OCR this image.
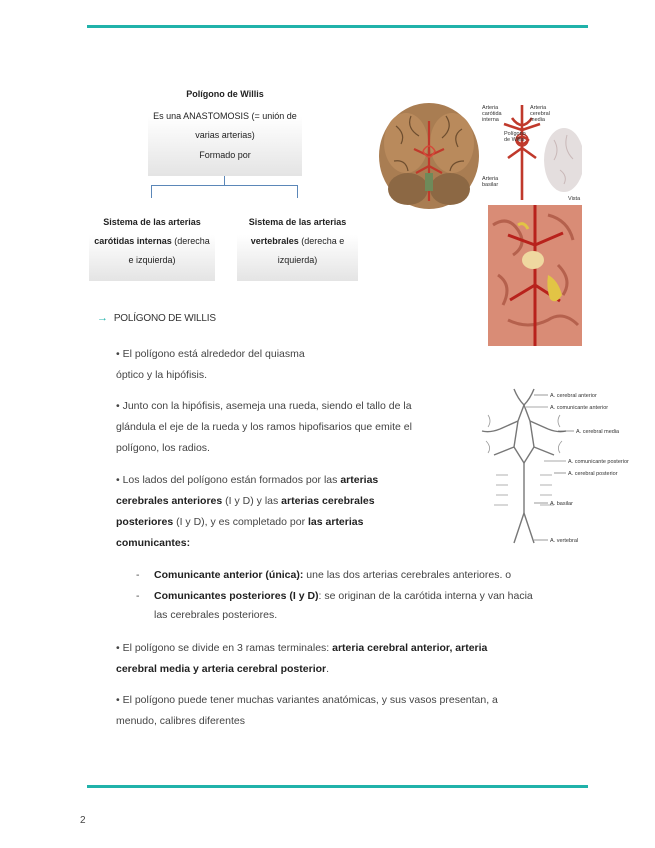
Polígono de Willis
Es una ANASTOMOSIS (= unión de
varias arterias)
Formado por
Sistema de las arterias
carótidas internas (derecha
e izquierda)
Sistema de las arterias
vertebrales (derecha e
izquierda)
Arteria
carótida
interna
Arteria
cerebral
media
Polígono
de Willis
Arteria
basilar
Vista
→ POLÍGONO DE WILLIS
• El polígono está alrededor del quiasma
óptico y la hipófisis.
• Junto con la hipófisis, asemeja una rueda, siendo el tallo de la
glándula el eje de la rueda y los ramos hipofisarios que emite el
polígono, los radios.
• Los lados del polígono están formados por las arterias
cerebrales anteriores (I y D) y las arterias cerebrales
posteriores (I y D), y es completado por las arterias
comunicantes:
A. cerebral anterior
A. comunicante anterior
A. cerebral media
A. comunicante posterior
A. cerebral posterior
A. basilar
A. vertebral
-	Comunicante anterior (única): une las dos arterias cerebrales anteriores. o
-	Comunicantes posteriores (I y D): se originan de la carótida interna y van hacia
las cerebrales posteriores.
• El polígono se divide en 3 ramas terminales: arteria cerebral anterior, arteria
cerebral media y arteria cerebral posterior.
• El polígono puede tener muchas variantes anatómicas, y sus vasos presentan, a
menudo, calibres diferentes
2
